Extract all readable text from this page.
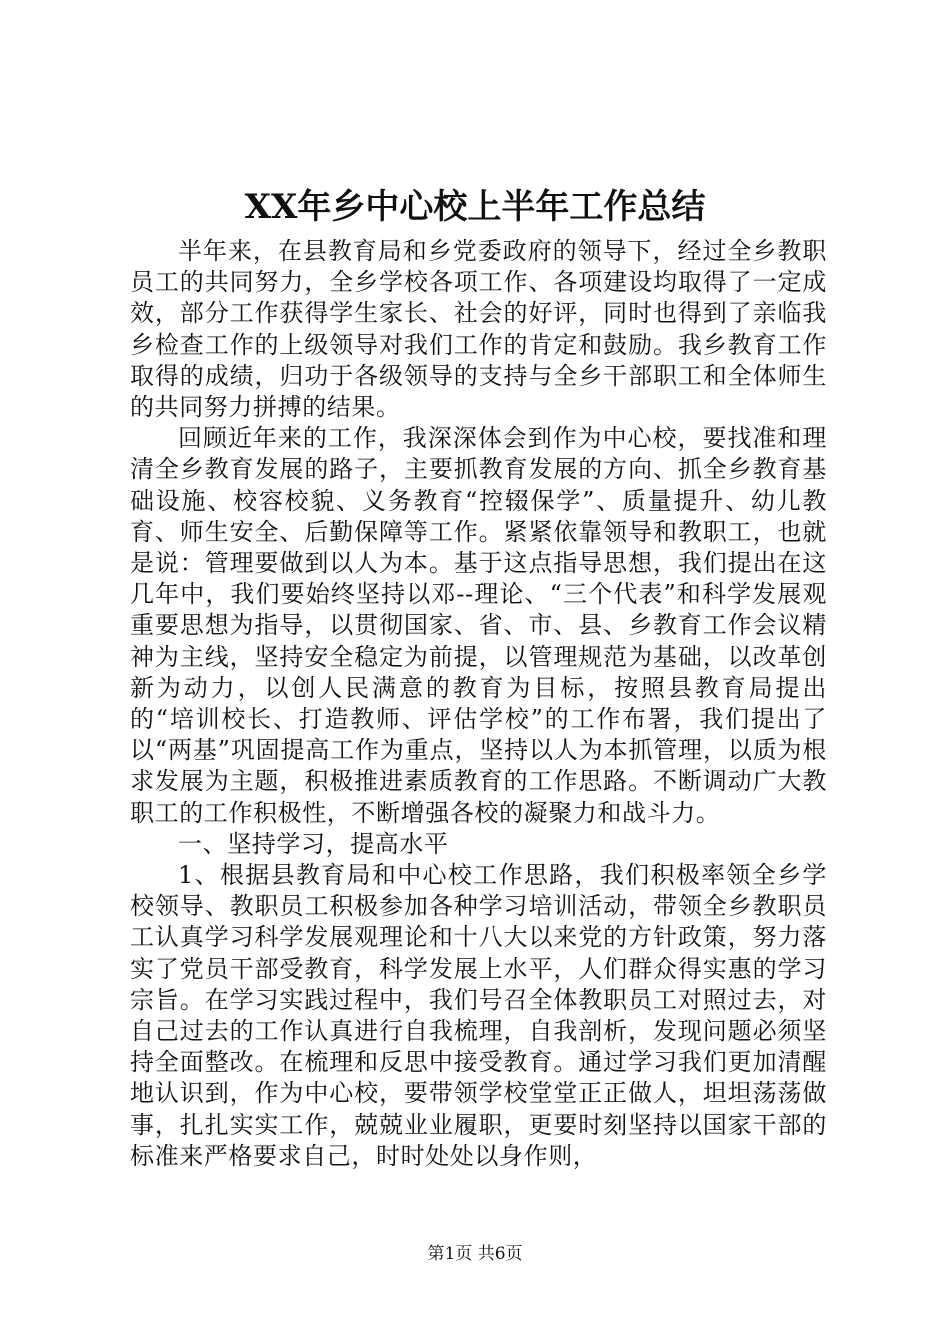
XX年乡中心校上半年工作总结

半年来，在县教育局和乡党委政府的领导下，经过全乡教职员工的共同努力，全乡学校各项工作、各项建设均取得了一定成效，部分工作获得学生家长、社会的好评，同时也得到了亲临我乡检查工作的上级领导对我们工作的肯定和鼓励。我乡教育工作取得的成绩，归功于各级领导的支持与全乡干部职工和全体师生的共同努力拼搏的结果。

回顾近年来的工作，我深深体会到作为中心校，要找准和理清全乡教育发展的路子，主要抓教育发展的方向、抓全乡教育基础设施、校容校貌、义务教育“控辍保学”、质量提升、幼儿教育、师生安全、后勤保障等工作。紧紧依靠领导和教职工，也就是说：管理要做到以人为本。基于这点指导思想，我们提出在这几年中，我们要始终坚持以邓--理论、“三个代表”和科学发展观重要思想为指导，以贯彻国家、省、市、县、乡教育工作会议精神为主线，坚持安全稳定为前提，以管理规范为基础，以改革创新为动力，以创人民满意的教育为目标，按照县教育局提出的“培训校长、打造教师、评估学校”的工作布署，我们提出了以“两基”巩固提高工作为重点，坚持以人为本抓管理，以质为根求发展为主题，积极推进素质教育的工作思路。不断调动广大教职工的工作积极性，不断增强各校的凝聚力和战斗力。

一、坚持学习，提高水平

1、根据县教育局和中心校工作思路，我们积极率领全乡学校领导、教职员工积极参加各种学习培训活动，带领全乡教职员工认真学习科学发展观理论和十八大以来党的方针政策，努力落实了党员干部受教育，科学发展上水平，人们群众得实惠的学习宗旨。在学习实践过程中，我们号召全体教职员工对照过去，对自己过去的工作认真进行自我梳理，自我剖析，发现问题必须坚持全面整改。在梳理和反思中接受教育。通过学习我们更加清醒地认识到，作为中心校，要带领学校堂堂正正做人，坦坦荡荡做事，扎扎实实工作，兢兢业业履职，更要时刻坚持以国家干部的标准来严格要求自己，时时处处以身作则，

第1页 共6页
